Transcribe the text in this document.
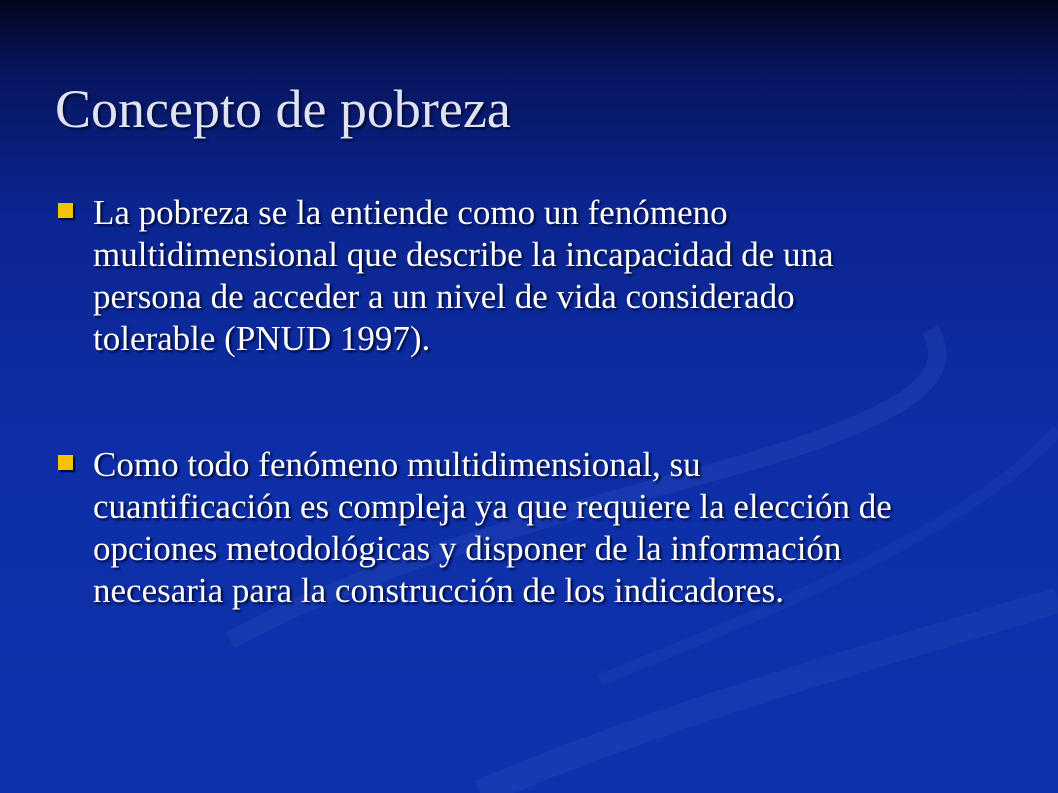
Concepto de pobreza
La pobreza se la entiende como un fenómeno
multidimensional que describe la incapacidad de una
persona de acceder a un nivel de vida considerado
tolerable (PNUD 1997).
Como todo fenómeno multidimensional, su
cuantificación es compleja ya que requiere la elección de
opciones metodológicas y disponer de la información
necesaria para la construcción de los indicadores.
